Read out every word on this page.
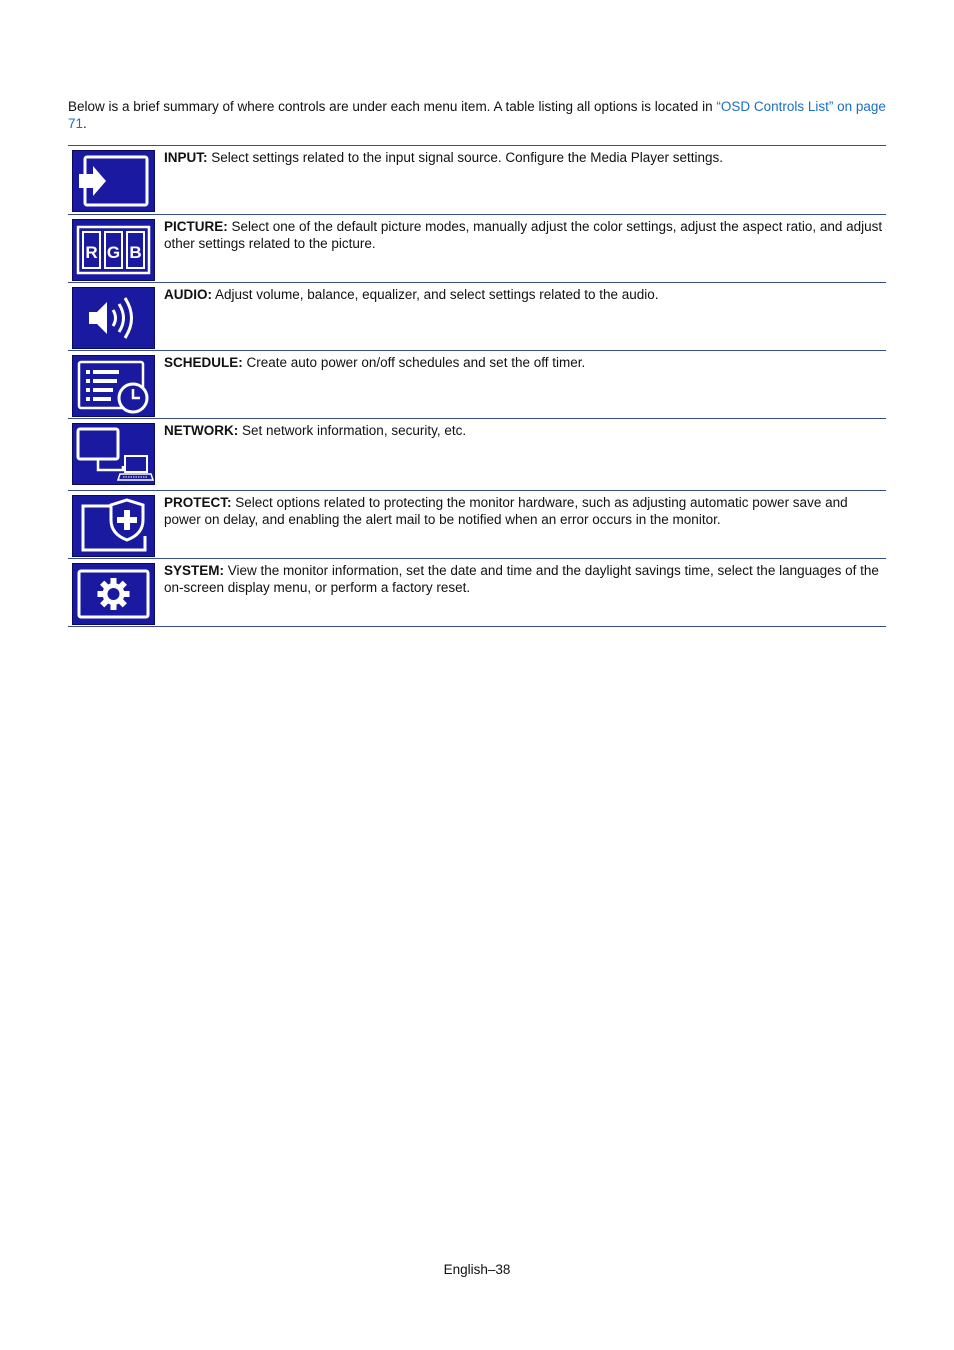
Below is a brief summary of where controls are under each menu item. A table listing all options is located in “OSD Controls List” on page 71.

INPUT: Select settings related to the input signal source. Configure the Media Player settings.
R G B
PICTURE: Select one of the default picture modes, manually adjust the color settings, adjust the aspect ratio, and adjust other settings related to the picture.
AUDIO: Adjust volume, balance, equalizer, and select settings related to the audio.
SCHEDULE: Create auto power on/off schedules and set the off timer.
NETWORK: Set network information, security, etc.
PROTECT: Select options related to protecting the monitor hardware, such as adjusting automatic power save and power on delay, and enabling the alert mail to be notified when an error occurs in the monitor.
SYSTEM: View the monitor information, set the date and time and the daylight savings time, select the languages of the on-screen display menu, or perform a factory reset.
English–38
